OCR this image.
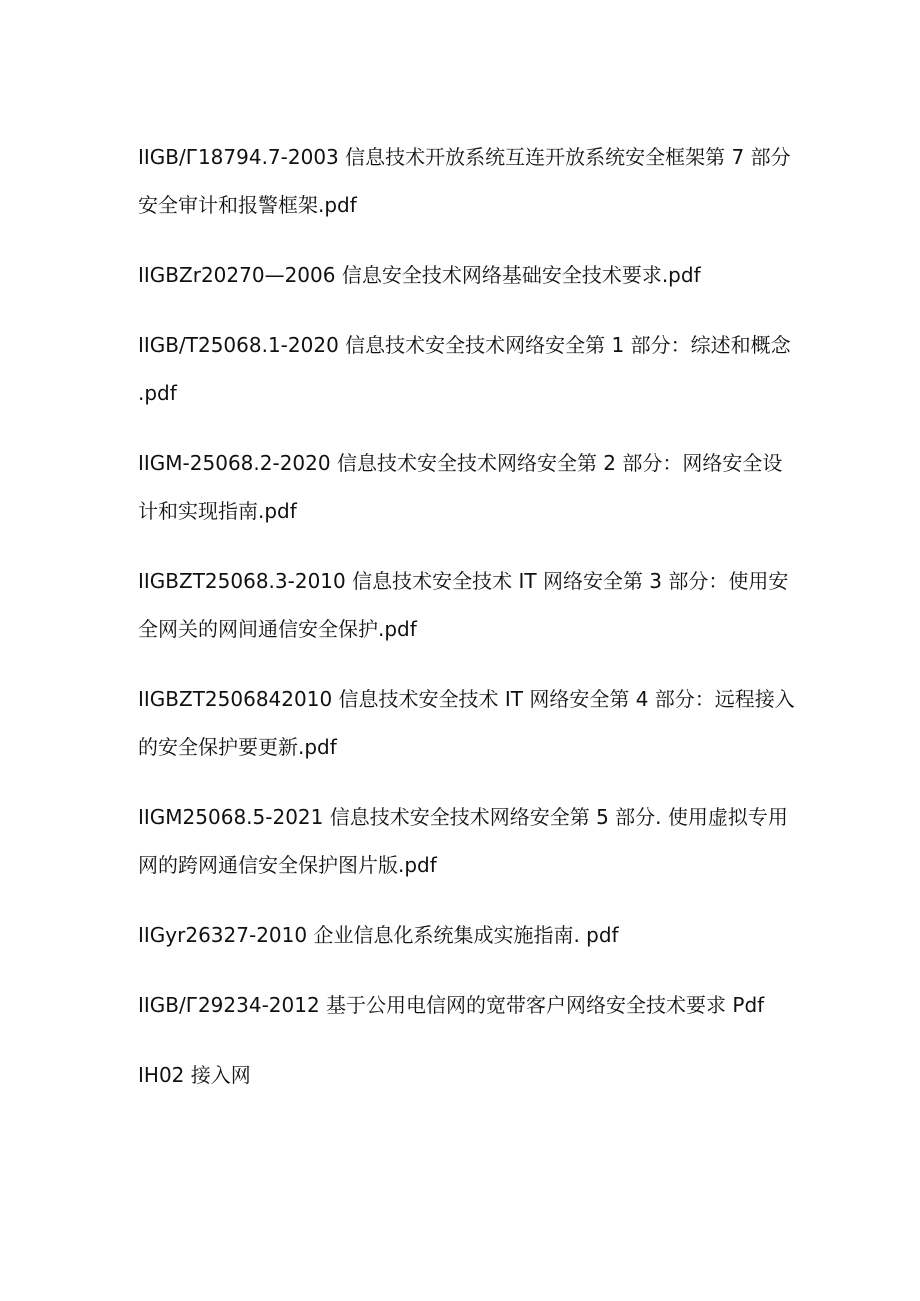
IIGB/Г18794.7-2003 信息技术开放系统互连开放系统安全框架第 7 部分
安全审计和报警框架.pdf

IIGBZr20270—2006 信息安全技术网络基础安全技术要求.pdf

IIGB/T25068.1-2020 信息技术安全技术网络安全第 1 部分：综述和概念
.pdf

IIGM-25068.2-2020 信息技术安全技术网络安全第 2 部分：网络安全设
计和实现指南.pdf

IIGBZT25068.3-2010 信息技术安全技术 IT 网络安全第 3 部分：使用安
全网关的网间通信安全保护.pdf

IIGBZT2506842010 信息技术安全技术 IT 网络安全第 4 部分：远程接入
的安全保护要更新.pdf

IIGM25068.5-2021 信息技术安全技术网络安全第 5 部分. 使用虚拟专用
网的跨网通信安全保护图片版.pdf

IIGyr26327-2010 企业信息化系统集成实施指南. pdf

IIGB/Г29234-2012 基于公用电信网的宽带客户网络安全技术要求 Pdf

IH02 接入网
